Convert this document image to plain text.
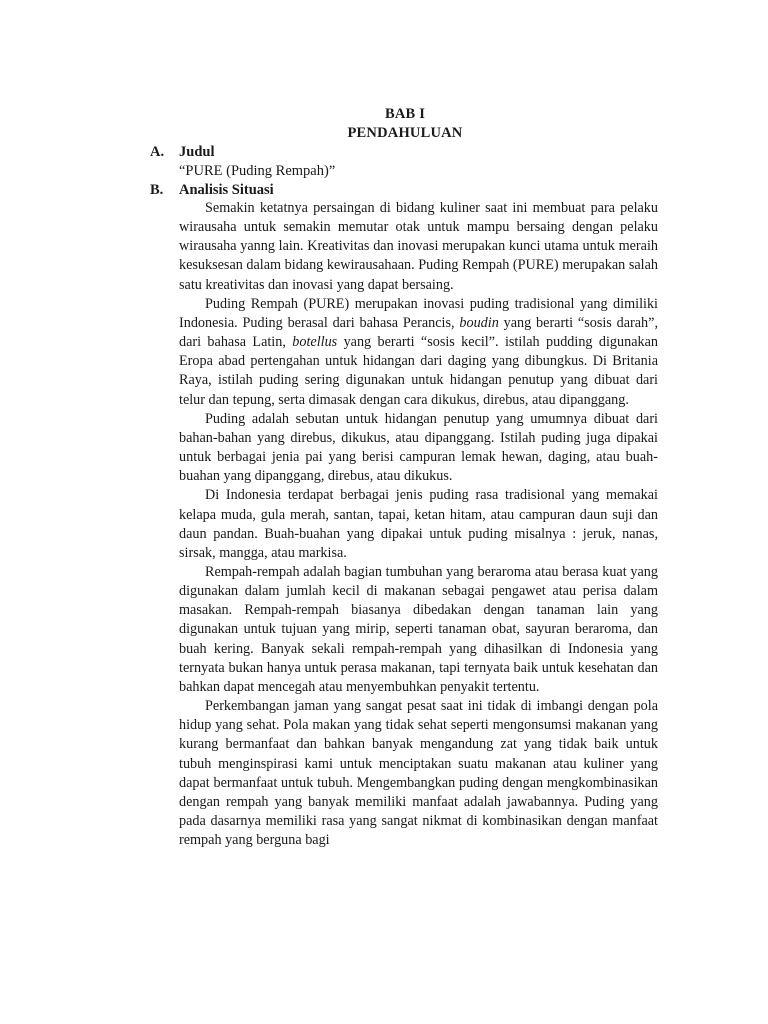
BAB I
PENDAHULUAN
A. Judul
“PURE (Puding Rempah)”
B. Analisis Situasi

Semakin ketatnya persaingan di bidang kuliner saat ini membuat para pelaku wirausaha untuk semakin memutar otak untuk mampu bersaing dengan pelaku wirausaha yanng lain. Kreativitas dan inovasi merupakan kunci utama untuk meraih kesuksesan dalam bidang kewirausahaan. Puding Rempah (PURE) merupakan salah satu kreativitas dan inovasi yang dapat bersaing.

Puding Rempah (PURE) merupakan inovasi puding tradisional yang dimiliki Indonesia. Puding berasal dari bahasa Perancis, boudin yang berarti “sosis darah”, dari bahasa Latin, botellus yang berarti “sosis kecil”. istilah pudding digunakan Eropa abad pertengahan untuk hidangan dari daging yang dibungkus. Di Britania Raya, istilah puding sering digunakan untuk hidangan penutup yang dibuat dari telur dan tepung, serta dimasak dengan cara dikukus, direbus, atau dipanggang.

Puding adalah sebutan untuk hidangan penutup yang umumnya dibuat dari bahan-bahan yang direbus, dikukus, atau dipanggang. Istilah puding juga dipakai untuk berbagai jenia pai yang berisi campuran lemak hewan, daging, atau buah-buahan yang dipanggang, direbus, atau dikukus.

Di Indonesia terdapat berbagai jenis puding rasa tradisional yang memakai kelapa muda, gula merah, santan, tapai, ketan hitam, atau campuran daun suji dan daun pandan. Buah-buahan yang dipakai untuk puding misalnya : jeruk, nanas, sirsak, mangga, atau markisa.

Rempah-rempah adalah bagian tumbuhan yang beraroma atau berasa kuat yang digunakan dalam jumlah kecil di makanan sebagai pengawet atau perisa dalam masakan. Rempah-rempah biasanya dibedakan dengan tanaman lain yang digunakan untuk tujuan yang mirip, seperti tanaman obat, sayuran beraroma, dan buah kering. Banyak sekali rempah-rempah yang dihasilkan di Indonesia yang ternyata bukan hanya untuk perasa makanan, tapi ternyata baik untuk kesehatan dan bahkan dapat mencegah atau menyembuhkan penyakit tertentu.

Perkembangan jaman yang sangat pesat saat ini tidak di imbangi dengan pola hidup yang sehat. Pola makan yang tidak sehat seperti mengonsumsi makanan yang kurang bermanfaat dan bahkan banyak mengandung zat yang tidak baik untuk tubuh menginspirasi kami untuk menciptakan suatu makanan atau kuliner yang dapat bermanfaat untuk tubuh. Mengembangkan puding dengan mengkombinasikan dengan rempah yang banyak memiliki manfaat adalah jawabannya. Puding yang pada dasarnya memiliki rasa yang sangat nikmat di kombinasikan dengan manfaat rempah yang berguna bagi
